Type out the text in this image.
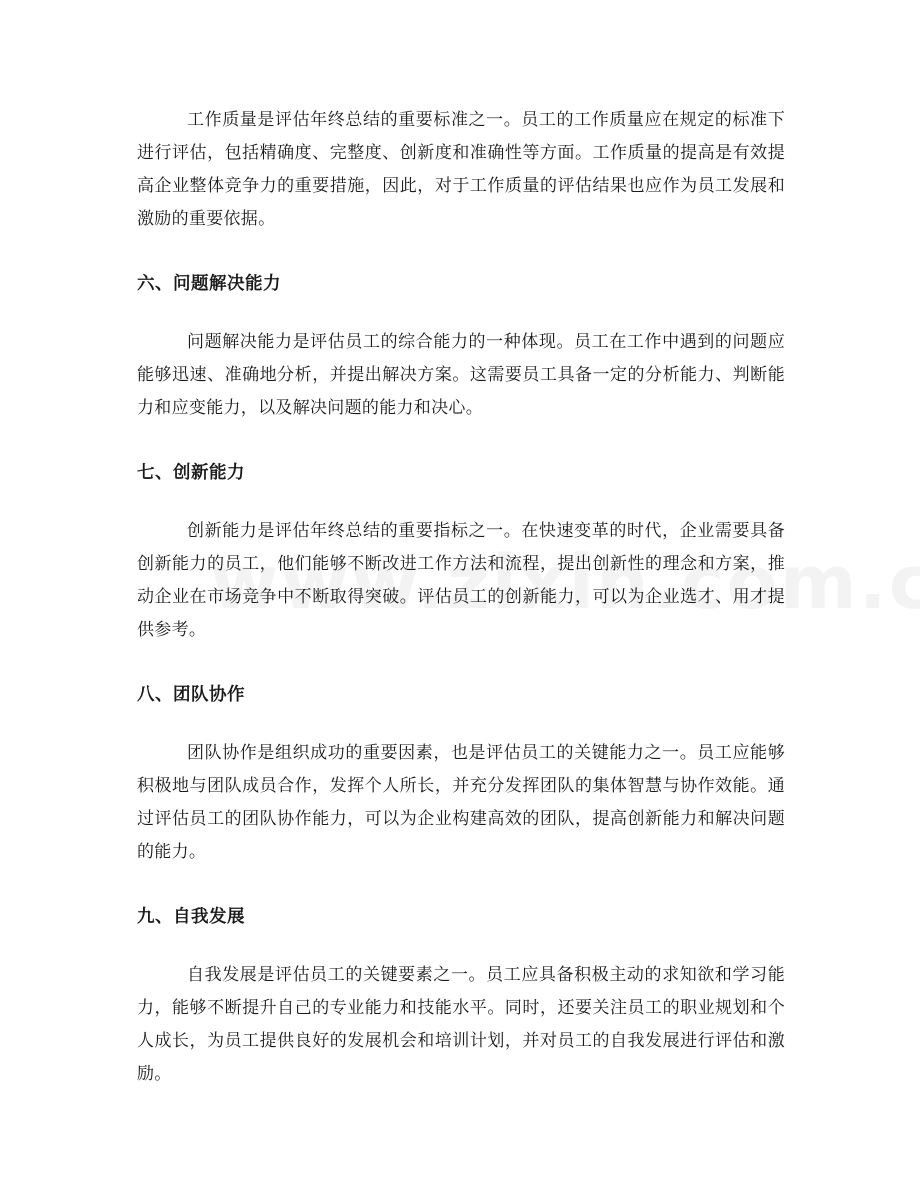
工作质量是评估年终总结的重要标准之一。员工的工作质量应在规定的标准下进行评估，包括精确度、完整度、创新度和准确性等方面。工作质量的提高是有效提高企业整体竞争力的重要措施，因此，对于工作质量的评估结果也应作为员工发展和激励的重要依据。

六、问题解决能力

问题解决能力是评估员工的综合能力的一种体现。员工在工作中遇到的问题应能够迅速、准确地分析，并提出解决方案。这需要员工具备一定的分析能力、判断能力和应变能力，以及解决问题的能力和决心。

七、创新能力

创新能力是评估年终总结的重要指标之一。在快速变革的时代，企业需要具备创新能力的员工，他们能够不断改进工作方法和流程，提出创新性的理念和方案，推动企业在市场竞争中不断取得突破。评估员工的创新能力，可以为企业选才、用才提供参考。

八、团队协作

团队协作是组织成功的重要因素，也是评估员工的关键能力之一。员工应能够积极地与团队成员合作，发挥个人所长，并充分发挥团队的集体智慧与协作效能。通过评估员工的团队协作能力，可以为企业构建高效的团队，提高创新能力和解决问题的能力。

九、自我发展

自我发展是评估员工的关键要素之一。员工应具备积极主动的求知欲和学习能力，能够不断提升自己的专业能力和技能水平。同时，还要关注员工的职业规划和个人成长，为员工提供良好的发展机会和培训计划，并对员工的自我发展进行评估和激励。
